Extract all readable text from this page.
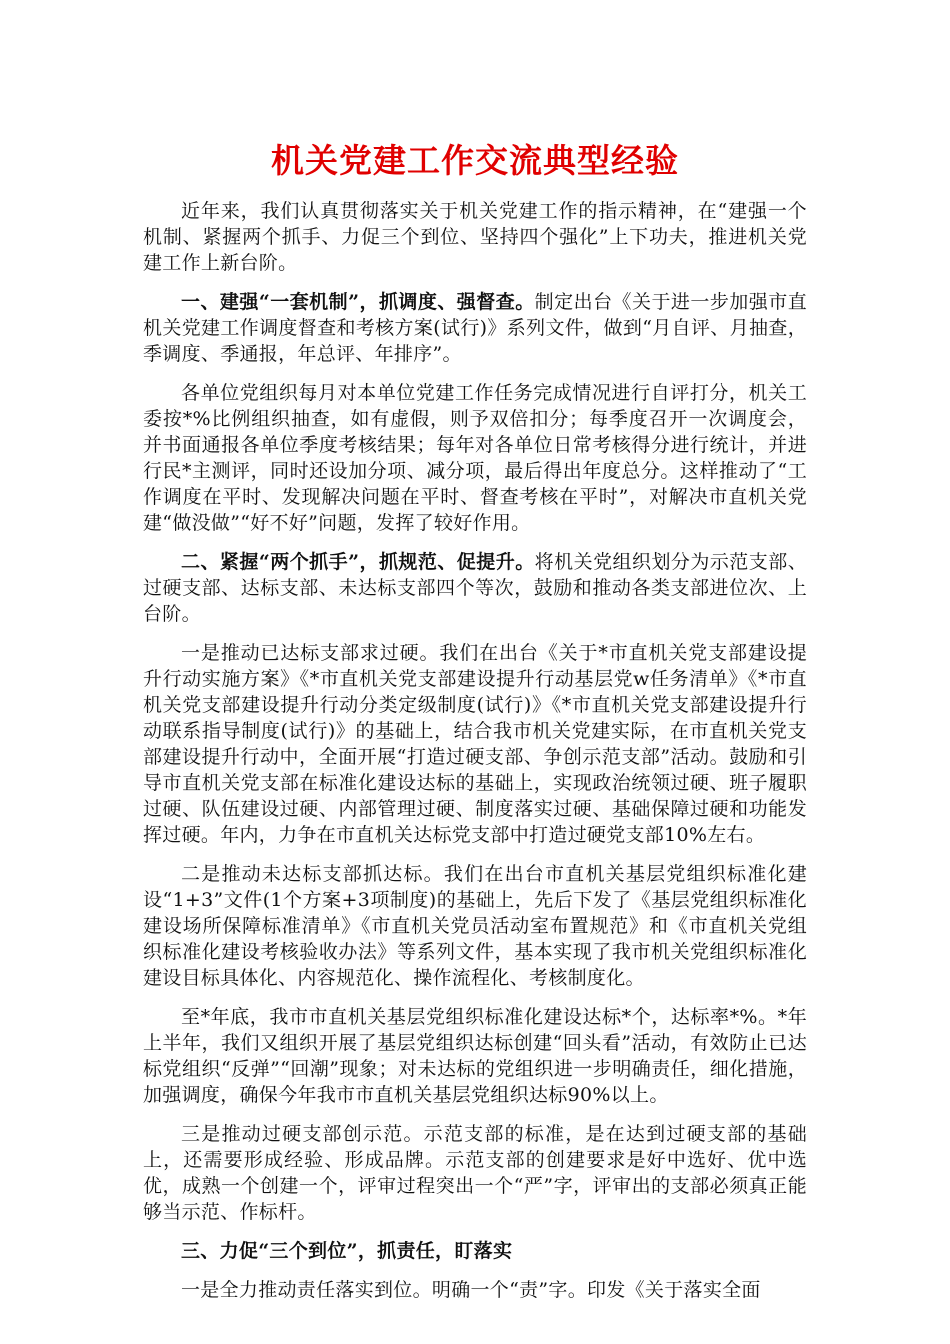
机关党建工作交流典型经验

近年来，我们认真贯彻落实关于机关党建工作的指示精神，在“建强一个机制、紧握两个抓手、力促三个到位、坚持四个强化”上下功夫，推进机关党建工作上新台阶。

一、建强“一套机制”，抓调度、强督查。制定出台《关于进一步加强市直机关党建工作调度督查和考核方案(试行)》系列文件，做到“月自评、月抽查，季调度、季通报，年总评、年排序”。

各单位党组织每月对本单位党建工作任务完成情况进行自评打分，机关工委按*%比例组织抽查，如有虚假，则予双倍扣分；每季度召开一次调度会，并书面通报各单位季度考核结果；每年对各单位日常考核得分进行统计，并进行民*主测评，同时还设加分项、减分项，最后得出年度总分。这样推动了“工作调度在平时、发现解决问题在平时、督查考核在平时”，对解决市直机关党建“做没做”“好不好”问题，发挥了较好作用。

二、紧握“两个抓手”，抓规范、促提升。将机关党组织划分为示范支部、过硬支部、达标支部、未达标支部四个等次，鼓励和推动各类支部进位次、上台阶。

一是推动已达标支部求过硬。我们在出台《关于*市直机关党支部建设提升行动实施方案》《*市直机关党支部建设提升行动基层党w任务清单》《*市直机关党支部建设提升行动分类定级制度(试行)》《*市直机关党支部建设提升行动联系指导制度(试行)》的基础上，结合我市机关党建实际，在市直机关党支部建设提升行动中，全面开展“打造过硬支部、争创示范支部”活动。鼓励和引导市直机关党支部在标准化建设达标的基础上，实现政治统领过硬、班子履职过硬、队伍建设过硬、内部管理过硬、制度落实过硬、基础保障过硬和功能发挥过硬。年内，力争在市直机关达标党支部中打造过硬党支部10%左右。

二是推动未达标支部抓达标。我们在出台市直机关基层党组织标准化建设“1+3”文件(1个方案+3项制度)的基础上，先后下发了《基层党组织标准化建设场所保障标准清单》《市直机关党员活动室布置规范》和《市直机关党组织标准化建设考核验收办法》等系列文件，基本实现了我市机关党组织标准化建设目标具体化、内容规范化、操作流程化、考核制度化。

至*年底，我市市直机关基层党组织标准化建设达标*个，达标率*%。*年上半年，我们又组织开展了基层党组织达标创建“回头看”活动，有效防止已达标党组织“反弹”“回潮”现象；对未达标的党组织进一步明确责任，细化措施，加强调度，确保今年我市市直机关基层党组织达标90%以上。

三是推动过硬支部创示范。示范支部的标准，是在达到过硬支部的基础上，还需要形成经验、形成品牌。示范支部的创建要求是好中选好、优中选优，成熟一个创建一个，评审过程突出一个“严”字，评审出的支部必须真正能够当示范、作标杆。

三、力促“三个到位”，抓责任，盯落实

一是全力推动责任落实到位。明确一个“责”字。印发《关于落实全面
